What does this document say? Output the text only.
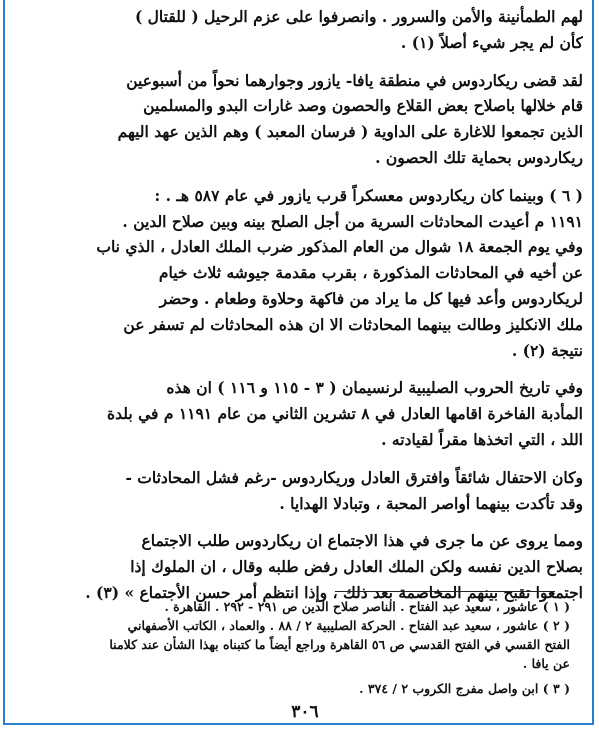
لهم الطمأنينة والأمن والسرور . وانصرفوا على عزم الرحيل ( للقتال )
كأن لم يجر شيء أصلاً (١) .
لقد قضى ريكاردوس في منطقة يافا- يازور وجوارهما نحواً من أسبوعين
قام خلالها باصلاح بعض القلاع والحصون وصد غارات البدو والمسلمين
الذين تجمعوا للاغارة على الداوية ( فرسان المعبد ) وهم الذين عهد اليهم
ريكاردوس بحماية تلك الحصون .
( ٦ ) وبينما كان ريكاردوس معسكراً قرب يازور في عام ٥٨٧ هـ . :
١١٩١ م أعيدت المحادثات السرية من أجل الصلح بينه وبين صلاح الدين .
وفي يوم الجمعة ١٨ شوال من العام المذكور ضرب الملك العادل ، الذي ناب
عن أخيه في المحادثات المذكورة ، بقرب مقدمة جيوشه ثلاث خيام
لريكاردوس وأعد فيها كل ما يراد من فاكهة وحلاوة وطعام . وحضر
ملك الانكليز وطالت بينهما المحادثات الا ان هذه المحادثات لم تسفر عن
نتيجة (٢) .
وفي تاريخ الحروب الصليبية لرنسيمان ( ٣ - ١١٥ و ١١٦ ) ان هذه
المأدبة الفاخرة اقامها العادل في ٨ تشرين الثاني من عام ١١٩١ م في بلدة
اللد ، التي اتخذها مقراً لقيادته .
وكان الاحتفال شائقاً وافترق العادل وريكاردوس -رغم فشل المحادثات -
وقد تأكدت بينهما أواصر المحبة ، وتبادلا الهدايا .
ومما يروى عن ما جرى في هذا الاجتماع ان ريكاردوس طلب الاجتماع
بصلاح الدين نفسه ولكن الملك العادل رفض طلبه وقال ، ان الملوك إذا
اجتمعوا تقبح بينهم المخاصمة بعد ذلك ، وإذا انتظم أمر حسن الأجتماع » (٣) .
( ١ ) عاشور ، سعيد عبد الفتاح . الناصر صلاح الدين ص ٢٩١ - ٢٩٢ . القاهرة .
( ٢ ) عاشور ، سعيد عبد الفتاح . الحركة الصليبية ٢ / ٨٨ . والعماد ، الكاتب الأصفهاني
الفتح القسي في الفتح القدسي ص ٥٦ القاهرة وراجع أيضاً ما كتبناه بهذا الشأن عند كلامنا
عن يافا .
( ٣ ) ابن واصل مفرج الكروب ٢ / ٣٧٤ .
٣٠٦
